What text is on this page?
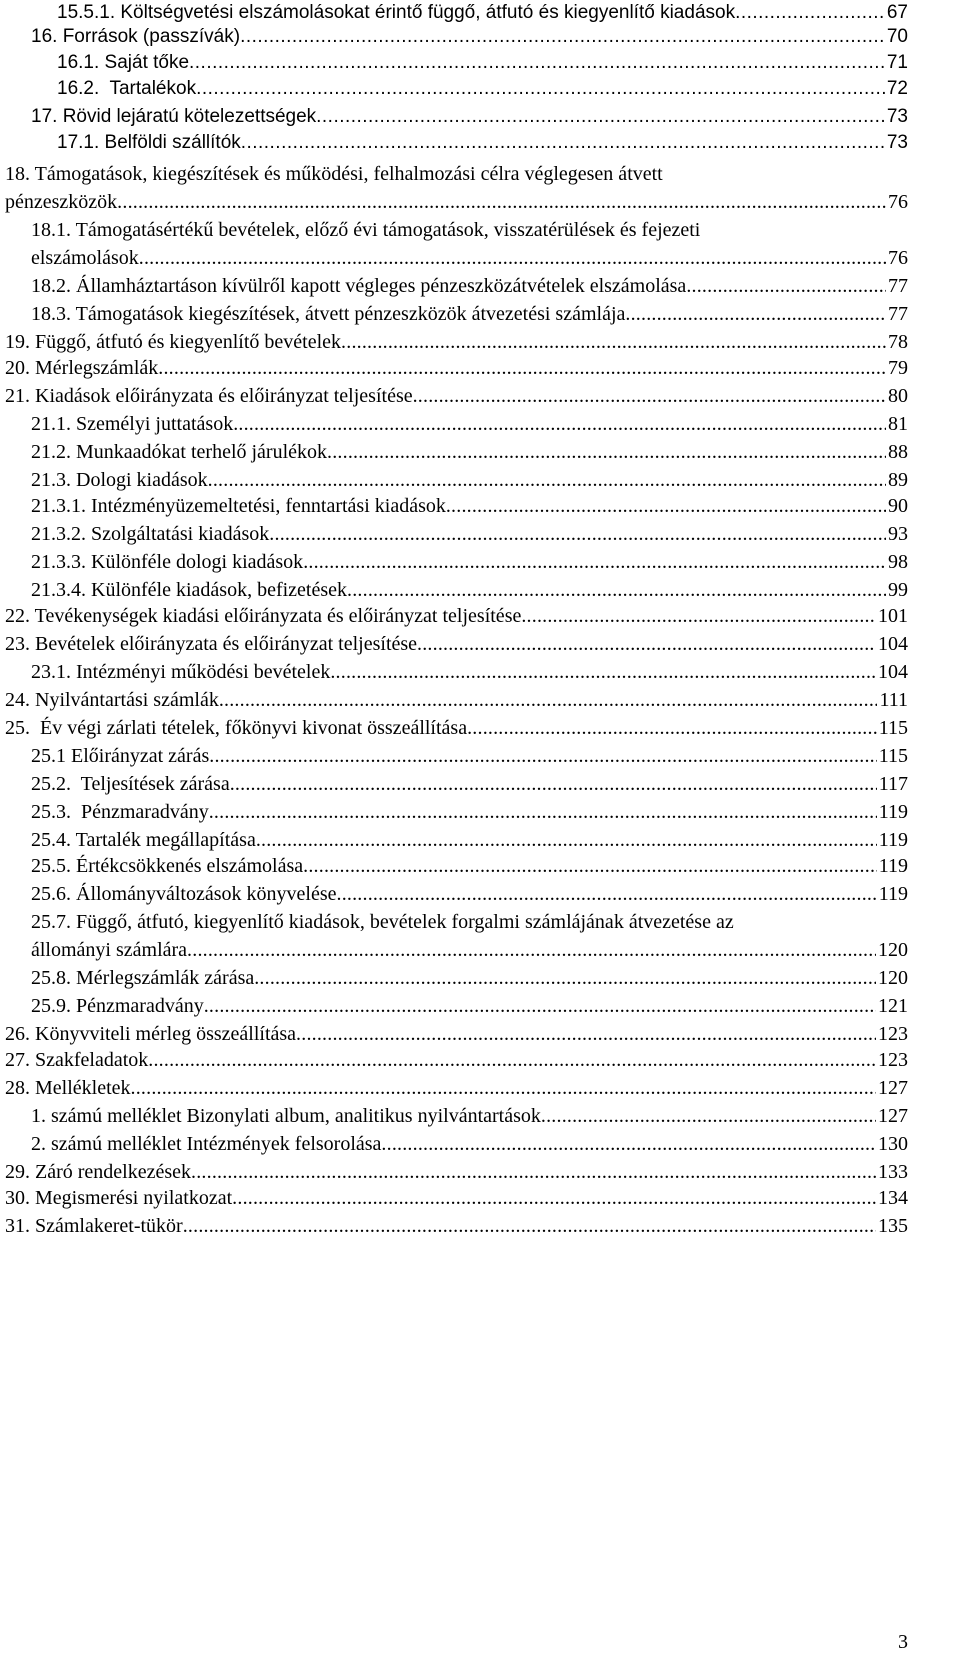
15.5.1. Költségvetési elszámolásokat érintő függő, átfutó és kiegyenlítő kiadások . . .	67
16. Források (passzívák) . . .	70
16.1. Saját tőke . . .	71
16.2.  Tartalékok . . .	72
17. Rövid lejáratú kötelezettségek . . .	73
17.1. Belföldi szállítók . . .	73
18. Támogatások, kiegészítések és működési, felhalmozási célra véglegesen átvett
pénzeszközök . . .	76
18.1. Támogatásértékű bevételek, előző évi támogatások, visszatérülések és fejezeti
elszámolások . . .	76
18.2. Államháztartáson kívülről kapott végleges pénzeszközátvételek elszámolása . . .	77
18.3. Támogatások kiegészítések, átvett pénzeszközök átvezetési számlája . . .	77
19. Függő, átfutó és kiegyenlítő bevételek . . .	78
20. Mérlegszámlák . . .	79
21. Kiadások előirányzata és előirányzat teljesítése . . .	80
21.1. Személyi juttatások . . .	81
21.2. Munkaadókat terhelő járulékok . . .	88
21.3. Dologi kiadások . . .	89
21.3.1. Intézményüzemeltetési, fenntartási kiadások . . .	90
21.3.2. Szolgáltatási kiadások . . .	93
21.3.3. Különféle dologi kiadások . . .	98
21.3.4. Különféle kiadások, befizetések . . .	99
22. Tevékenységek kiadási előirányzata és előirányzat teljesítése . . .	101
23. Bevételek előirányzata és előirányzat teljesítése . . .	104
23.1. Intézményi működési bevételek . . .	104
24. Nyilvántartási számlák . . .	111
25.  Év végi zárlati tételek, főkönyvi kivonat összeállítása . . .	115
25.1 Előirányzat zárás . . .	115
25.2.  Teljesítések zárása . . .	117
25.3.  Pénzmaradvány . . .	119
25.4. Tartalék megállapítása . . .	119
25.5. Értékcsökkenés elszámolása . . .	119
25.6. Állományváltozások könyvelése . . .	119
25.7. Függő, átfutó, kiegyenlítő kiadások, bevételek forgalmi számlájának átvezetése az
állományi számlára . . .	120
25.8. Mérlegszámlák zárása . . .	120
25.9. Pénzmaradvány . . .	121
26. Könyvviteli mérleg összeállítása . . .	123
27. Szakfeladatok . . .	123
28. Mellékletek . . .	127
1. számú melléklet Bizonylati album, analitikus nyilvántartások . . .	127
2. számú melléklet Intézmények felsorolása . . .	130
29. Záró rendelkezések . . .	133
30. Megismerési nyilatkozat . . .	134
31. Számlakeret-tükör . . .	135
3
